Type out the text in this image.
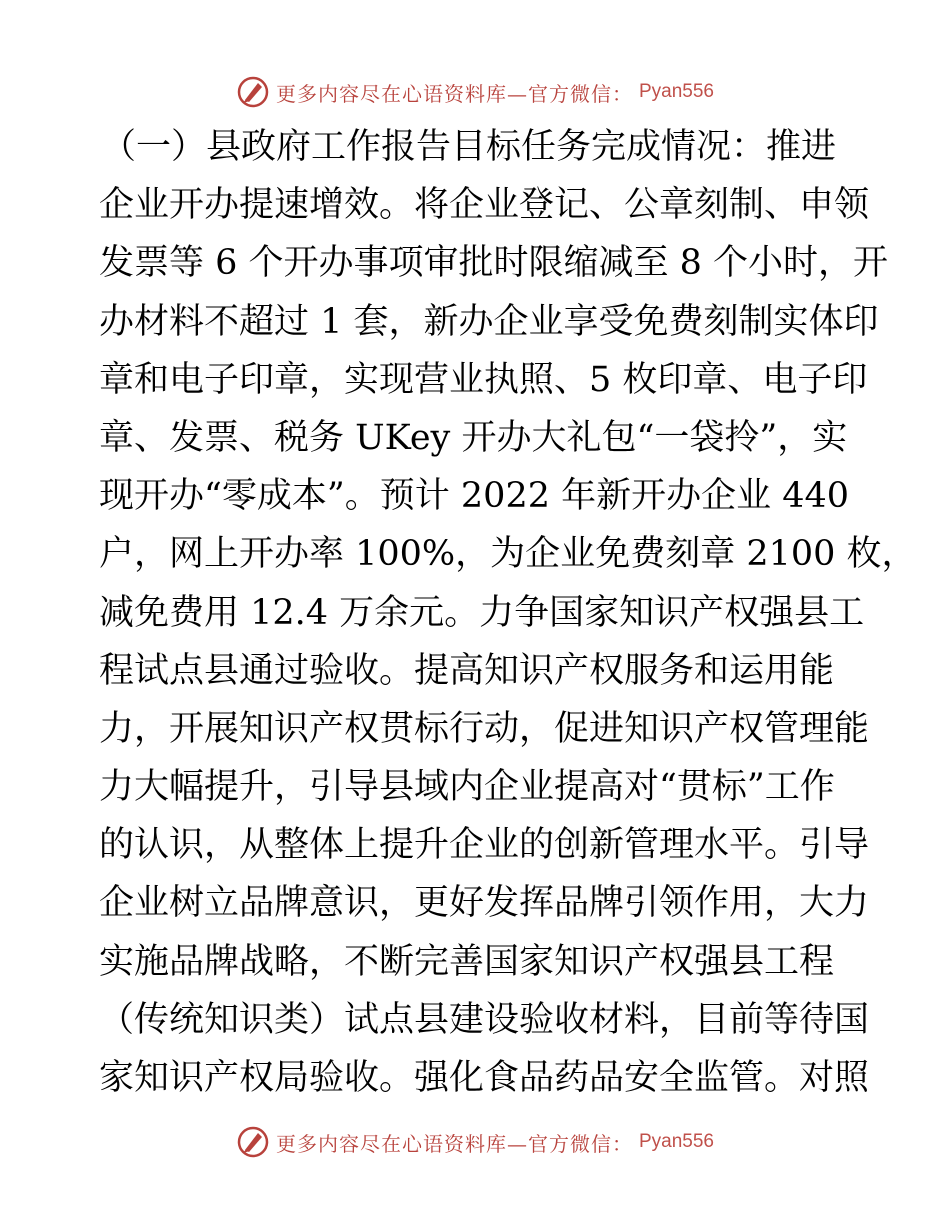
更多内容尽在心语资料库—官方微信： Pyan556
（一）县政府工作报告目标任务完成情况：推进
企业开办提速增效。将企业登记、公章刻制、申领
发票等 6 个开办事项审批时限缩减至 8 个小时，开
办材料不超过 1 套，新办企业享受免费刻制实体印
章和电子印章，实现营业执照、5 枚印章、电子印
章、发票、税务 UKey 开办大礼包“一袋拎”，实
现开办“零成本”。预计 2022 年新开办企业 440
户，网上开办率 100%，为企业免费刻章 2100 枚，
减免费用 12.4 万余元。力争国家知识产权强县工
程试点县通过验收。提高知识产权服务和运用能
力，开展知识产权贯标行动，促进知识产权管理能
力大幅提升，引导县域内企业提高对“贯标”工作
的认识，从整体上提升企业的创新管理水平。引导
企业树立品牌意识，更好发挥品牌引领作用，大力
实施品牌战略，不断完善国家知识产权强县工程
（传统知识类）试点县建设验收材料，目前等待国
家知识产权局验收。强化食品药品安全监管。对照
更多内容尽在心语资料库—官方微信： Pyan556
